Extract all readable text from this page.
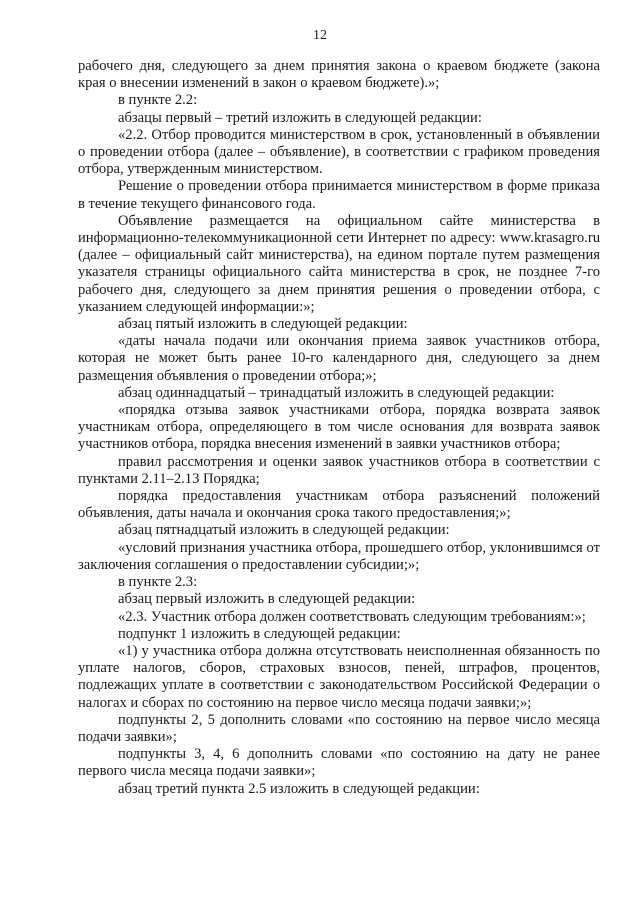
12

рабочего дня, следующего за днем принятия закона о краевом бюджете (закона края о внесении изменений в закон о краевом бюджете).»;

в пункте 2.2:

абзацы первый – третий изложить в следующей редакции:

«2.2. Отбор проводится министерством в срок, установленный в объявлении о проведении отбора (далее – объявление), в соответствии с графиком проведения отбора, утвержденным министерством.

Решение о проведении отбора принимается министерством в форме приказа в течение текущего финансового года.

Объявление размещается на официальном сайте министерства в информационно-телекоммуникационной сети Интернет по адресу: www.krasagro.ru (далее – официальный сайт министерства), на едином портале путем размещения указателя страницы официального сайта министерства в срок, не позднее 7-го рабочего дня, следующего за днем принятия решения о проведении отбора, с указанием следующей информации:»;

абзац пятый изложить в следующей редакции:

«даты начала подачи или окончания приема заявок участников отбора, которая не может быть ранее 10-го календарного дня, следующего за днем размещения объявления о проведении отбора;»;

абзац одиннадцатый – тринадцатый изложить в следующей редакции:

«порядка отзыва заявок участниками отбора, порядка возврата заявок участникам отбора, определяющего в том числе основания для возврата заявок участников отбора, порядка внесения изменений в заявки участников отбора;

правил рассмотрения и оценки заявок участников отбора в соответствии с пунктами 2.11–2.13 Порядка;

порядка предоставления участникам отбора разъяснений положений объявления, даты начала и окончания срока такого предоставления;»;

абзац пятнадцатый изложить в следующей редакции:

«условий признания участника отбора, прошедшего отбор, уклонившимся от заключения соглашения о предоставлении субсидии;»;

в пункте 2.3:

абзац первый изложить в следующей редакции:

«2.3. Участник отбора должен соответствовать следующим требованиям:»;

подпункт 1 изложить в следующей редакции:

«1) у участника отбора должна отсутствовать неисполненная обязанность по уплате налогов, сборов, страховых взносов, пеней, штрафов, процентов, подлежащих уплате в соответствии с законодательством Российской Федерации о налогах и сборах по состоянию на первое число месяца подачи заявки;»;

подпункты 2, 5 дополнить словами «по состоянию на первое число месяца подачи заявки»;

подпункты 3, 4, 6 дополнить словами «по состоянию на дату не ранее первого числа месяца подачи заявки»;

абзац третий пункта 2.5 изложить в следующей редакции:
